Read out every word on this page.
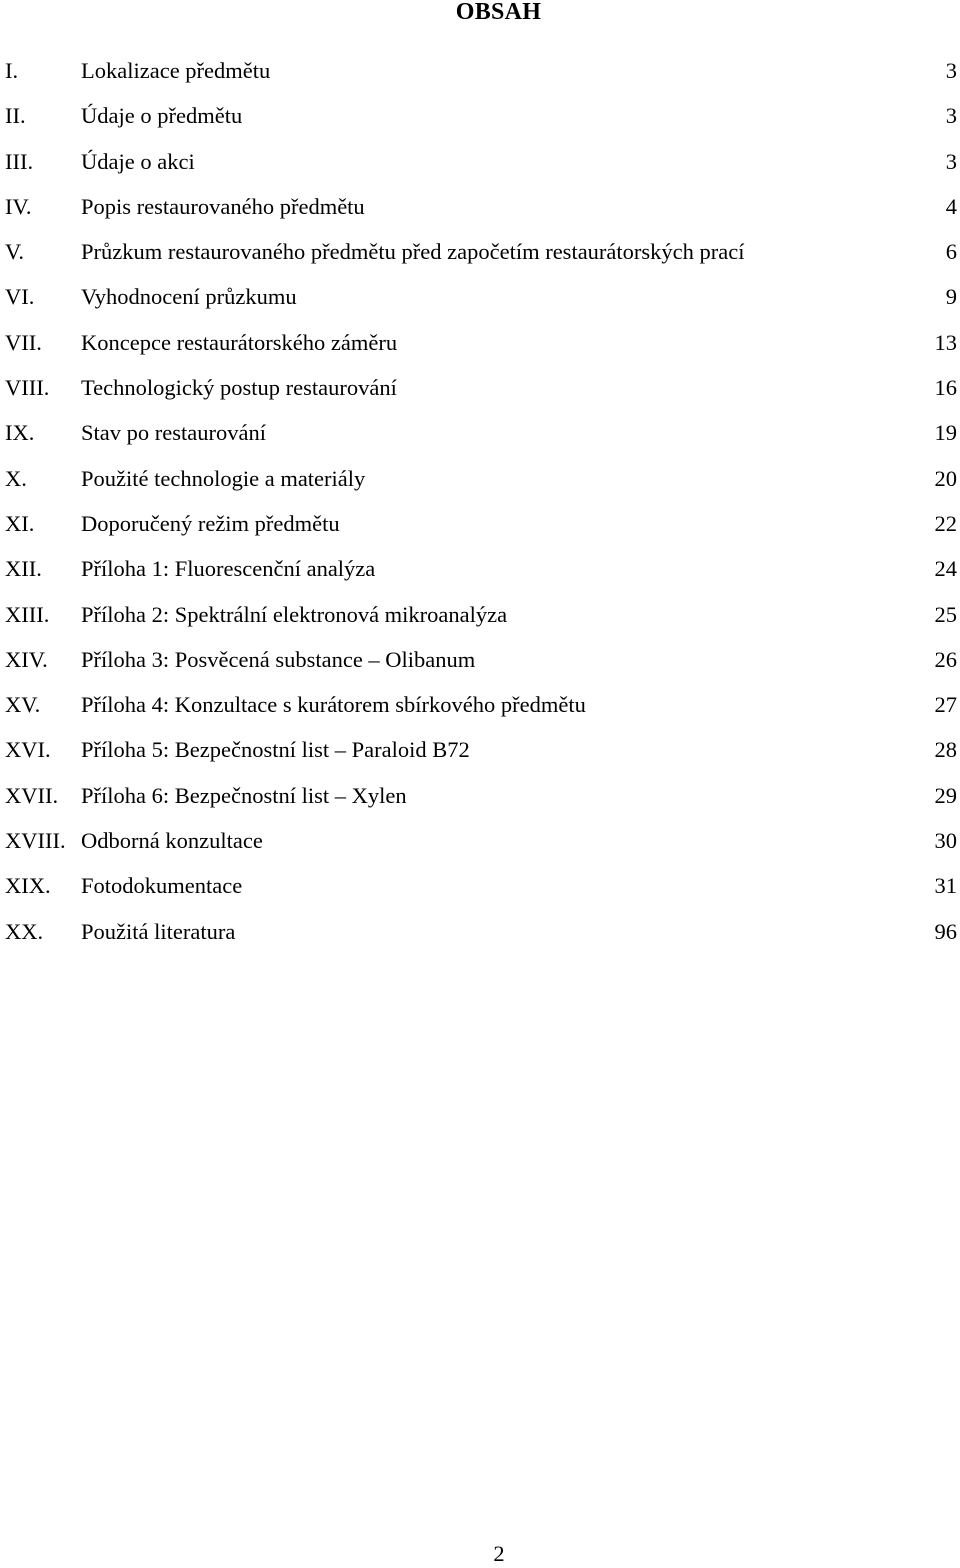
OBSAH
I.	Lokalizace předmětu	3
II. Údaje o předmětu	3
III. Údaje o akci	3
IV. Popis restaurovaného předmětu	4
V.	Průzkum restaurovaného předmětu před započetím restaurátorských prací	6
VI. Vyhodnocení průzkumu	9
VII. Koncepce restaurátorského záměru	13
VIII. Technologický postup restaurování	16
IX. Stav po restaurování	19
X. Použité technologie a materiály	20
XI. Doporučený režim předmětu	22
XII. Příloha 1: Fluorescenční analýza	24
XIII. Příloha 2: Spektrální elektronová mikroanalýza	25
XIV. Příloha 3: Posvěcená substance – Olibanum	26
XV. Příloha 4: Konzultace s kurátorem sbírkového předmětu	27
XVI. Příloha 5: Bezpečnostní list – Paraloid B72	28
XVII. Příloha 6: Bezpečnostní list – Xylen	29
XVIII. Odborná konzultace	30
XIX. Fotodokumentace	31
XX. Použitá literatura	96
2
